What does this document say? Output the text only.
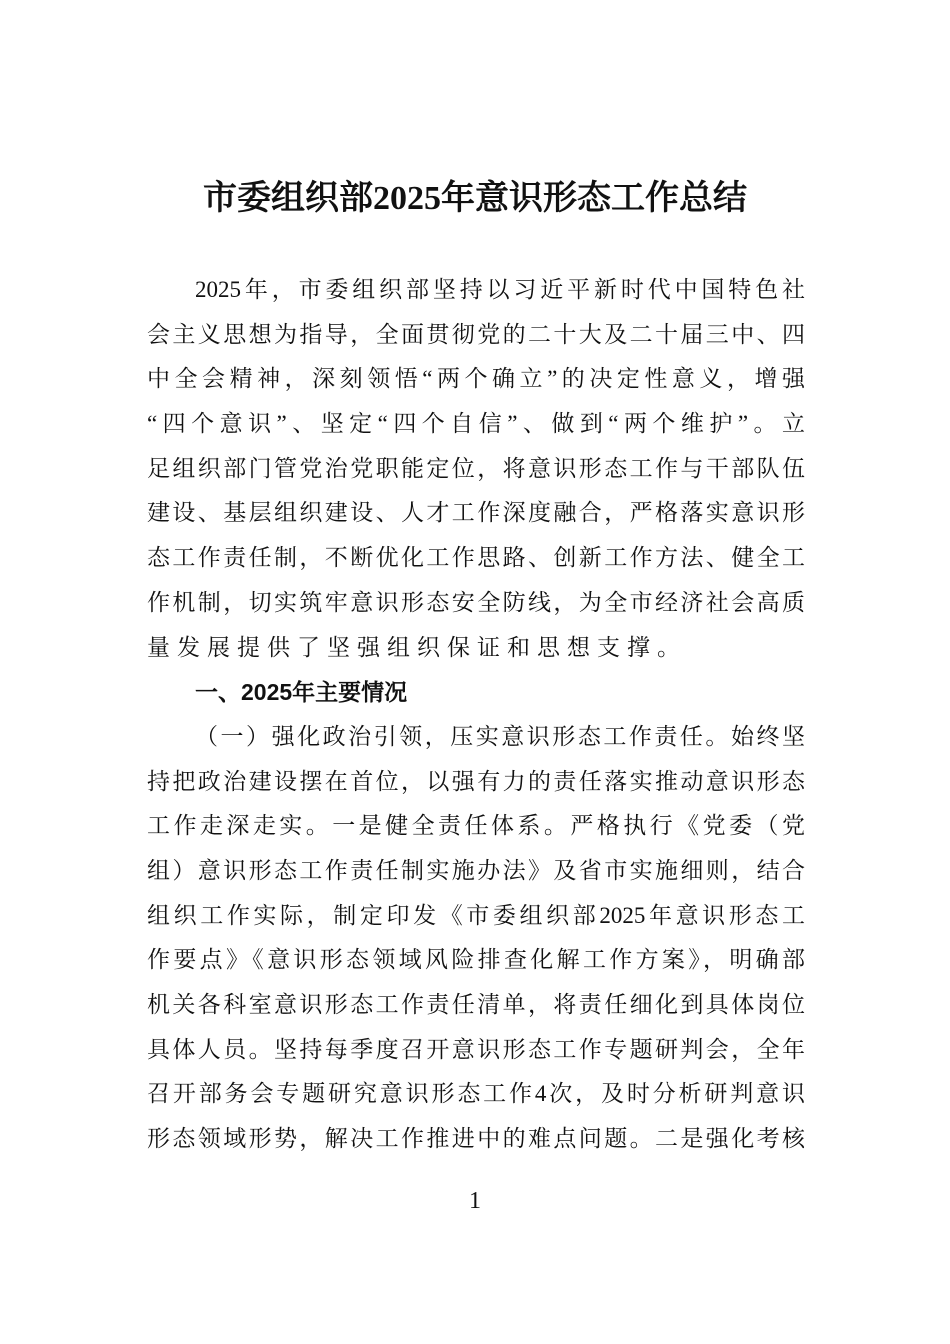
市委组织部2025年意识形态工作总结
2025年，市委组织部坚持以习近平新时代中国特色社
会主义思想为指导，全面贯彻党的二十大及二十届三中、四
中全会精神，深刻领悟“两个确立”的决定性意义，增强
“四个意识”、坚定“四个自信”、做到“两个维护”。立
足组织部门管党治党职能定位，将意识形态工作与干部队伍
建设、基层组织建设、人才工作深度融合，严格落实意识形
态工作责任制，不断优化工作思路、创新工作方法、健全工
作机制，切实筑牢意识形态安全防线，为全市经济社会高质
量发展提供了坚强组织保证和思想支撑。
一、2025年主要情况
（一）强化政治引领，压实意识形态工作责任。始终坚
持把政治建设摆在首位，以强有力的责任落实推动意识形态
工作走深走实。一是健全责任体系。严格执行《党委（党
组）意识形态工作责任制实施办法》及省市实施细则，结合
组织工作实际，制定印发《市委组织部2025年意识形态工
作要点》《意识形态领域风险排查化解工作方案》，明确部
机关各科室意识形态工作责任清单，将责任细化到具体岗位
具体人员。坚持每季度召开意识形态工作专题研判会，全年
召开部务会专题研究意识形态工作4次，及时分析研判意识
形态领域形势，解决工作推进中的难点问题。二是强化考核
1
